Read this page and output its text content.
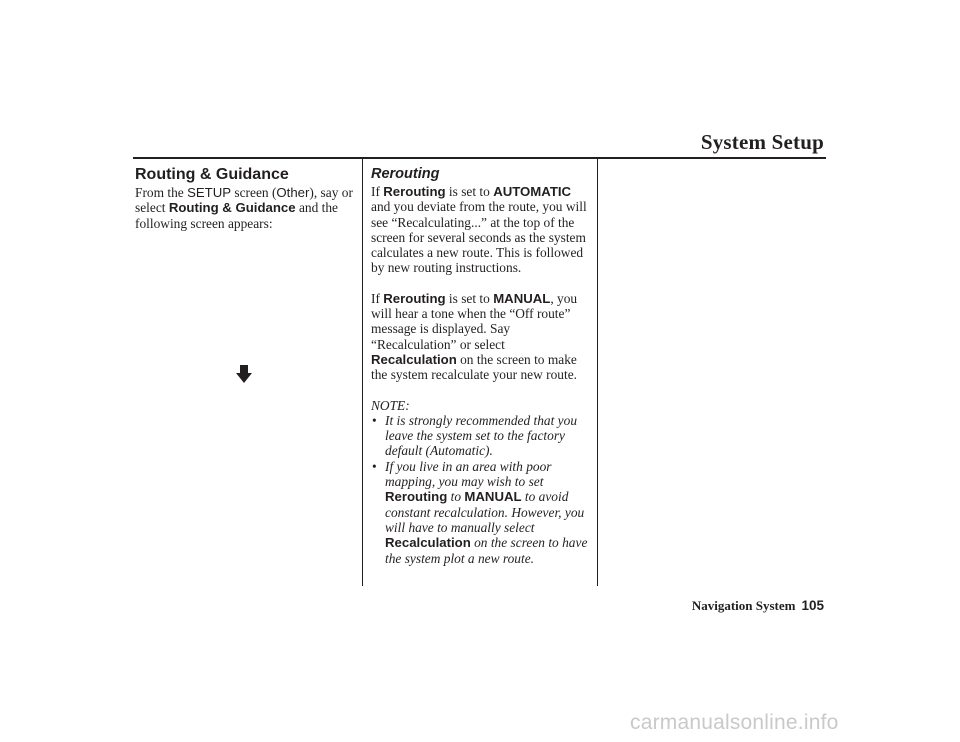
System Setup
Routing & Guidance

From the SETUP screen (Other), say or select Routing & Guidance and the following screen appears:

Rerouting

If Rerouting is set to AUTOMATIC and you deviate from the route, you will see “Recalculating...” at the top of the screen for several seconds as the system calculates a new route. This is followed by new routing instructions.

If Rerouting is set to MANUAL, you will hear a tone when the “Off route” message is displayed. Say “Recalculation” or select Recalculation on the screen to make the system recalculate your new route.

NOTE:
• It is strongly recommended that you leave the system set to the factory default (Automatic).
• If you live in an area with poor mapping, you may wish to set Rerouting to MANUAL to avoid constant recalculation. However, you will have to manually select Recalculation on the screen to have the system plot a new route.
Navigation System 105
carmanualsonline.info
